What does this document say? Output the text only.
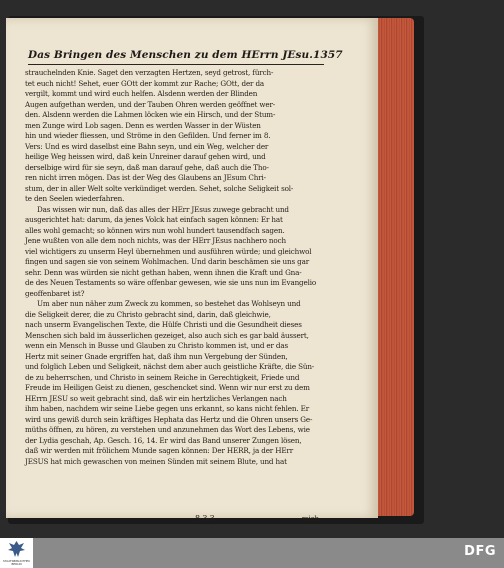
Das Bringen des Menschen zu dem HErrn JEsu. 1357
strauchelnden Knie. Saget den verzagten Hertzen, seyd getrost, fürch-
tet euch nicht! Sehet, euer GOtt der kommt zur Rache; GOtt, der da
vergilt, kommt und wird euch helfen. Alsdenn werden der Blinden
Augen aufgethan werden, und der Tauben Ohren werden geöffnet wer-
den. Alsdenn werden die Lahmen löcken wie ein Hirsch, und der Stum-
men Zunge wird Lob sagen. Denn es werden Wasser in der Wüsten
hin und wieder fliessen, und Ströme in den Gefilden. Und ferner im 8.
Vers: Und es wird daselbst eine Bahn seyn, und ein Weg, welcher der
heilige Weg heissen wird, daß kein Unreiner darauf gehen wird, und
derselbige wird für sie seyn, daß man darauf gehe, daß auch die Tho-
ren nicht irren mögen. Das ist der Weg des Glaubens an JEsum Chri-
stum, der in aller Welt solte verkündiget werden. Sehet, solche Seligkeit sol-
te den Seelen wiederfahren.
Das wissen wir nun, daß das alles der HErr JEsus zuwege gebracht und
ausgerichtet hat: darum, da jenes Volck hat einfach sagen können: Er hat
alles wohl gemacht; so können wirs nun wohl hundert tausendfach sagen.
Jene wußten von alle dem noch nichts, was der HErr JEsus nachhero noch
viel wichtigers zu unserm Heyl übernehmen und ausführen würde; und gleichwol
fingen und sagen sie von seinem Wohlmachen. Und darin beschämen sie uns gar
sehr. Denn was würden sie nicht gethan haben, wenn ihnen die Kraft und Gna-
de des Neuen Testaments so wäre offenbar gewesen, wie sie uns nun im Evangelio
geoffenbaret ist?
Um aber nun näher zum Zweck zu kommen, so bestehet das Wohlseyn und
die Seligkeit derer, die zu Christo gebracht sind, darin, daß gleichwie,
nach unserm Evangelischen Texte, die Hülfe Christi und die Gesundheit dieses
Menschen sich bald im äusserlichen gezeiget, also auch sich es gar bald äussert,
wenn ein Mensch in Busse und Glauben zu Christo kommen ist, und er das
Hertz mit seiner Gnade ergriffen hat, daß ihm nun Vergebung der Sünden,
und folglich Leben und Seligkeit, nächst dem aber auch geistliche Kräfte, die Sün-
de zu beherrschen, und Christo in seinem Reiche in Gerechtigkeit, Friede und
Freude im Heiligen Geist zu dienen, geschencket sind. Wenn wir nur erst zu dem
HErrn JESU so weit gebracht sind, daß wir ein hertzliches Verlangen nach
ihm haben, nachdem wir seine Liebe gegen uns erkannt, so kans nicht fehlen. Er
wird uns gewiß durch sein kräftiges Hephata das Hertz und die Ohren unsers Ge-
müths öffnen, zu hören, zu verstehen und anzunehmen das Wort des Lebens, wie
der Lydia geschah, Ap. Gesch. 16, 14. Er wird das Band unserer Zungen lösen,
daß wir werden mit frölichem Munde sagen können: Der HERR, ja der HErr
JESUS hat mich gewaschen von meinen Sünden mit seinem Blute, und hat
8 3 3	mich
STAATSBIBLIOTHEK BERLIN
DFG
